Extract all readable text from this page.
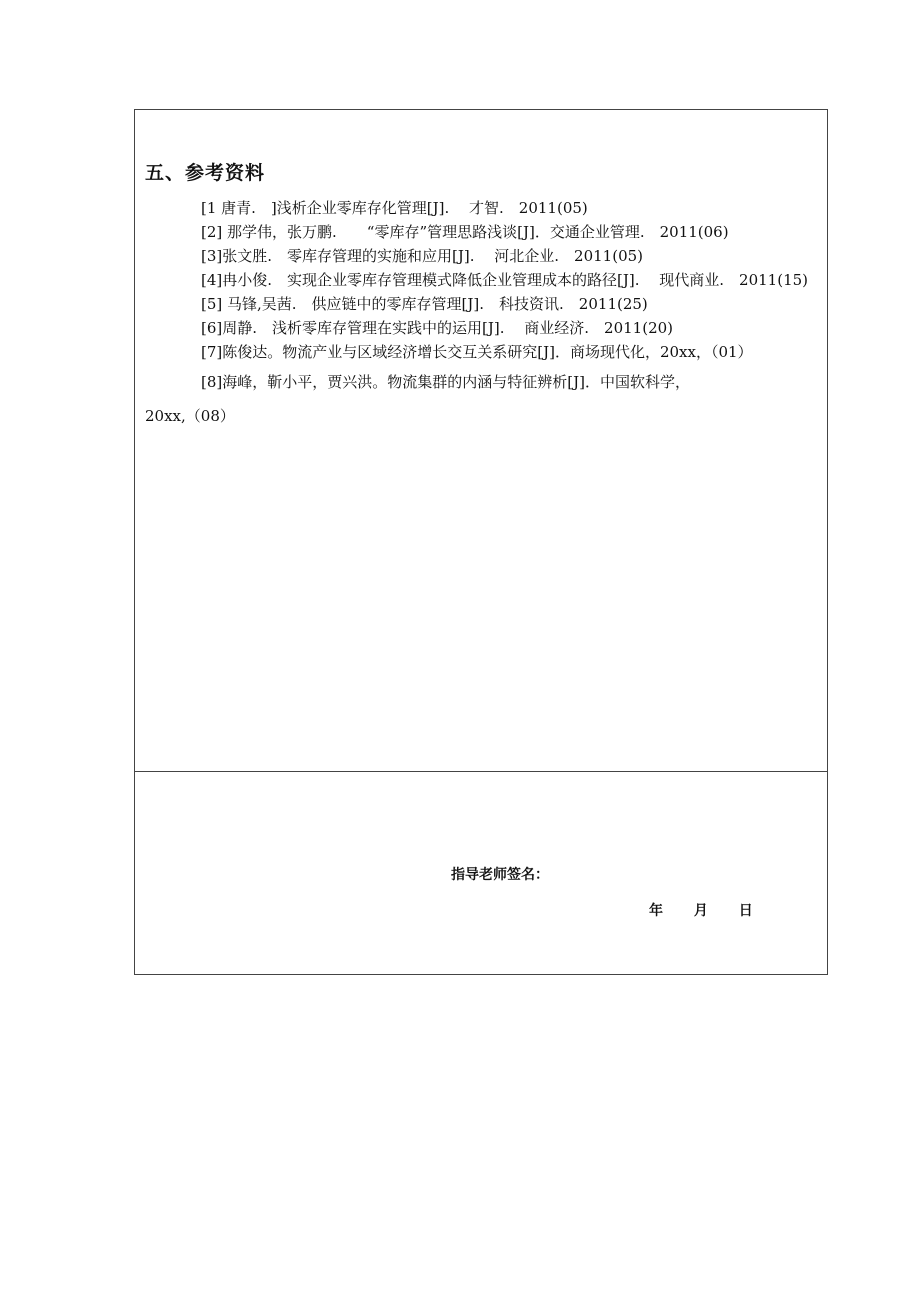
五、参考资料
[1 唐青.　]浅析企业零库存化管理[J].　 才智.　2011(05)
[2] 那学伟，张万鹏.　　“零库存”管理思路浅谈[J]．交通企业管理.　2011(06)
[3]张文胜.　零库存管理的实施和应用[J].　 河北企业.　2011(05)
[4]冉小俊.　实现企业零库存管理模式降低企业管理成本的路径[J].　 现代商业.　2011(15)
[5] 马锋,吴茜.　供应链中的零库存管理[J].　科技资讯.　2011(25)
[6]周静.　浅析零库存管理在实践中的运用[J].　 商业经济.　2011(20)
[7]陈俊达。物流产业与区域经济增长交互关系研究[J]．商场现代化，20xx，（01）
[8]海峰，靳小平，贾兴洪。物流集群的内涵与特征辨析[J]．中国软科学，
20xx,（08）
指导老师签名：
年 月 日
